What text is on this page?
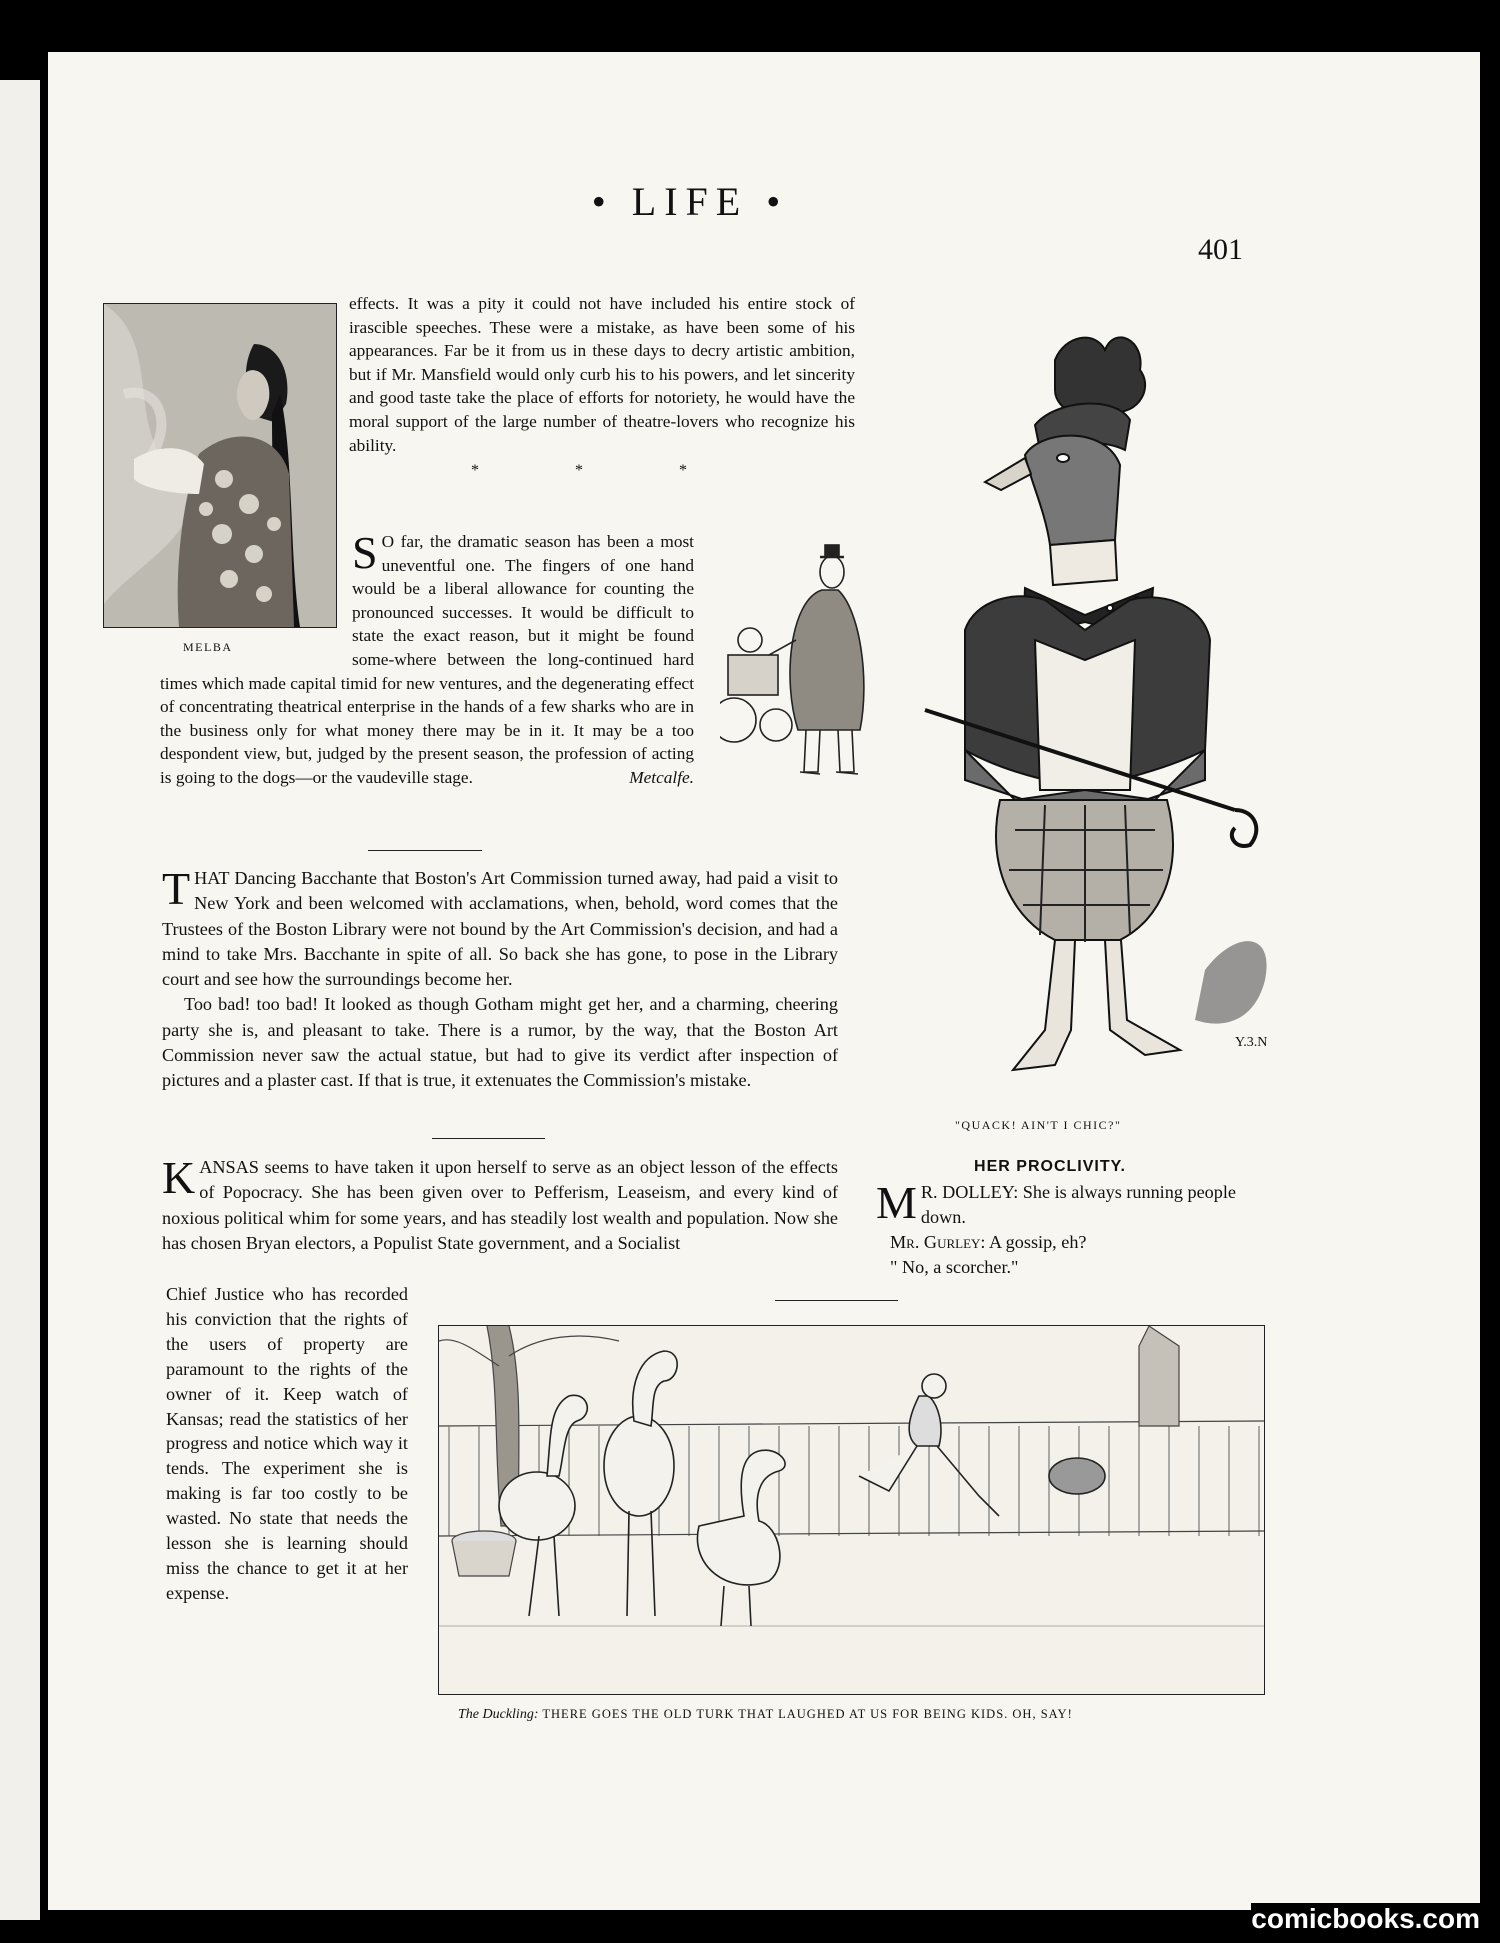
• LIFE •
401
MELBA

effects. It was a pity it could not have included his entire stock of irascible speeches. These were a mistake, as have been some of his appearances. Far be it from us in these days to decry artistic ambition, but if Mr. Mansfield would only curb his to his powers, and let sincerity and good taste take the place of efforts for notoriety, he would have the moral support of the large number of theatre-lovers who recognize his ability.

* * *
S O far, the dramatic season has been a most uneventful one. The fingers of one hand would be a liberal allowance for counting the pronounced successes. It would be difficult to state the exact reason, but it might be found some-where between the long-continued hard times which made capital timid for new ventures, and the degenerating effect of concentrating theatrical enterprise in the hands of a few sharks who are in the business only for what money there may be in it. It may be a too despondent view, but, judged by the present season, the profession of acting is going to the dogs—or the vaudeville stage.	Metcalfe.
Y.3.N
"QUACK! AIN'T I CHIC?"

T HAT Dancing Bacchante that Boston's Art Commission turned away, had paid a visit to New York and been welcomed with acclamations, when, behold, word comes that the Trustees of the Boston Library were not bound by the Art Commission's decision, and had a mind to take Mrs. Bacchante in spite of all. So back she has gone, to pose in the Library court and see how the surroundings become her.

Too bad! too bad! It looked as though Gotham might get her, and a charming, cheering party she is, and pleasant to take. There is a rumor, by the way, that the Boston Art Commission never saw the actual statue, but had to give its verdict after inspection of pictures and a plaster cast. If that is true, it extenuates the Commission's mistake.

K ANSAS seems to have taken it upon herself to serve as an object lesson of the effects of Popocracy. She has been given over to Pefferism, Leaseism, and every kind of noxious political whim for some years, and has steadily lost wealth and population. Now she has chosen Bryan electors, a Populist State government, and a Socialist

Chief Justice who has recorded his conviction that the rights of the users of property are paramount to the rights of the owner of it. Keep watch of Kansas; read the statistics of her progress and notice which way it tends. The experiment she is making is far too costly to be wasted. No state that needs the lesson she is learning should miss the chance to get it at her expense.

HER PROCLIVITY.

M R. DOLLEY: She is always running people down.

Mr. Gurley: A gossip, eh?

" No, a scorcher."

The Duckling: THERE GOES THE OLD TURK THAT LAUGHED AT US FOR BEING KIDS. OH, SAY!
comicbooks.com
